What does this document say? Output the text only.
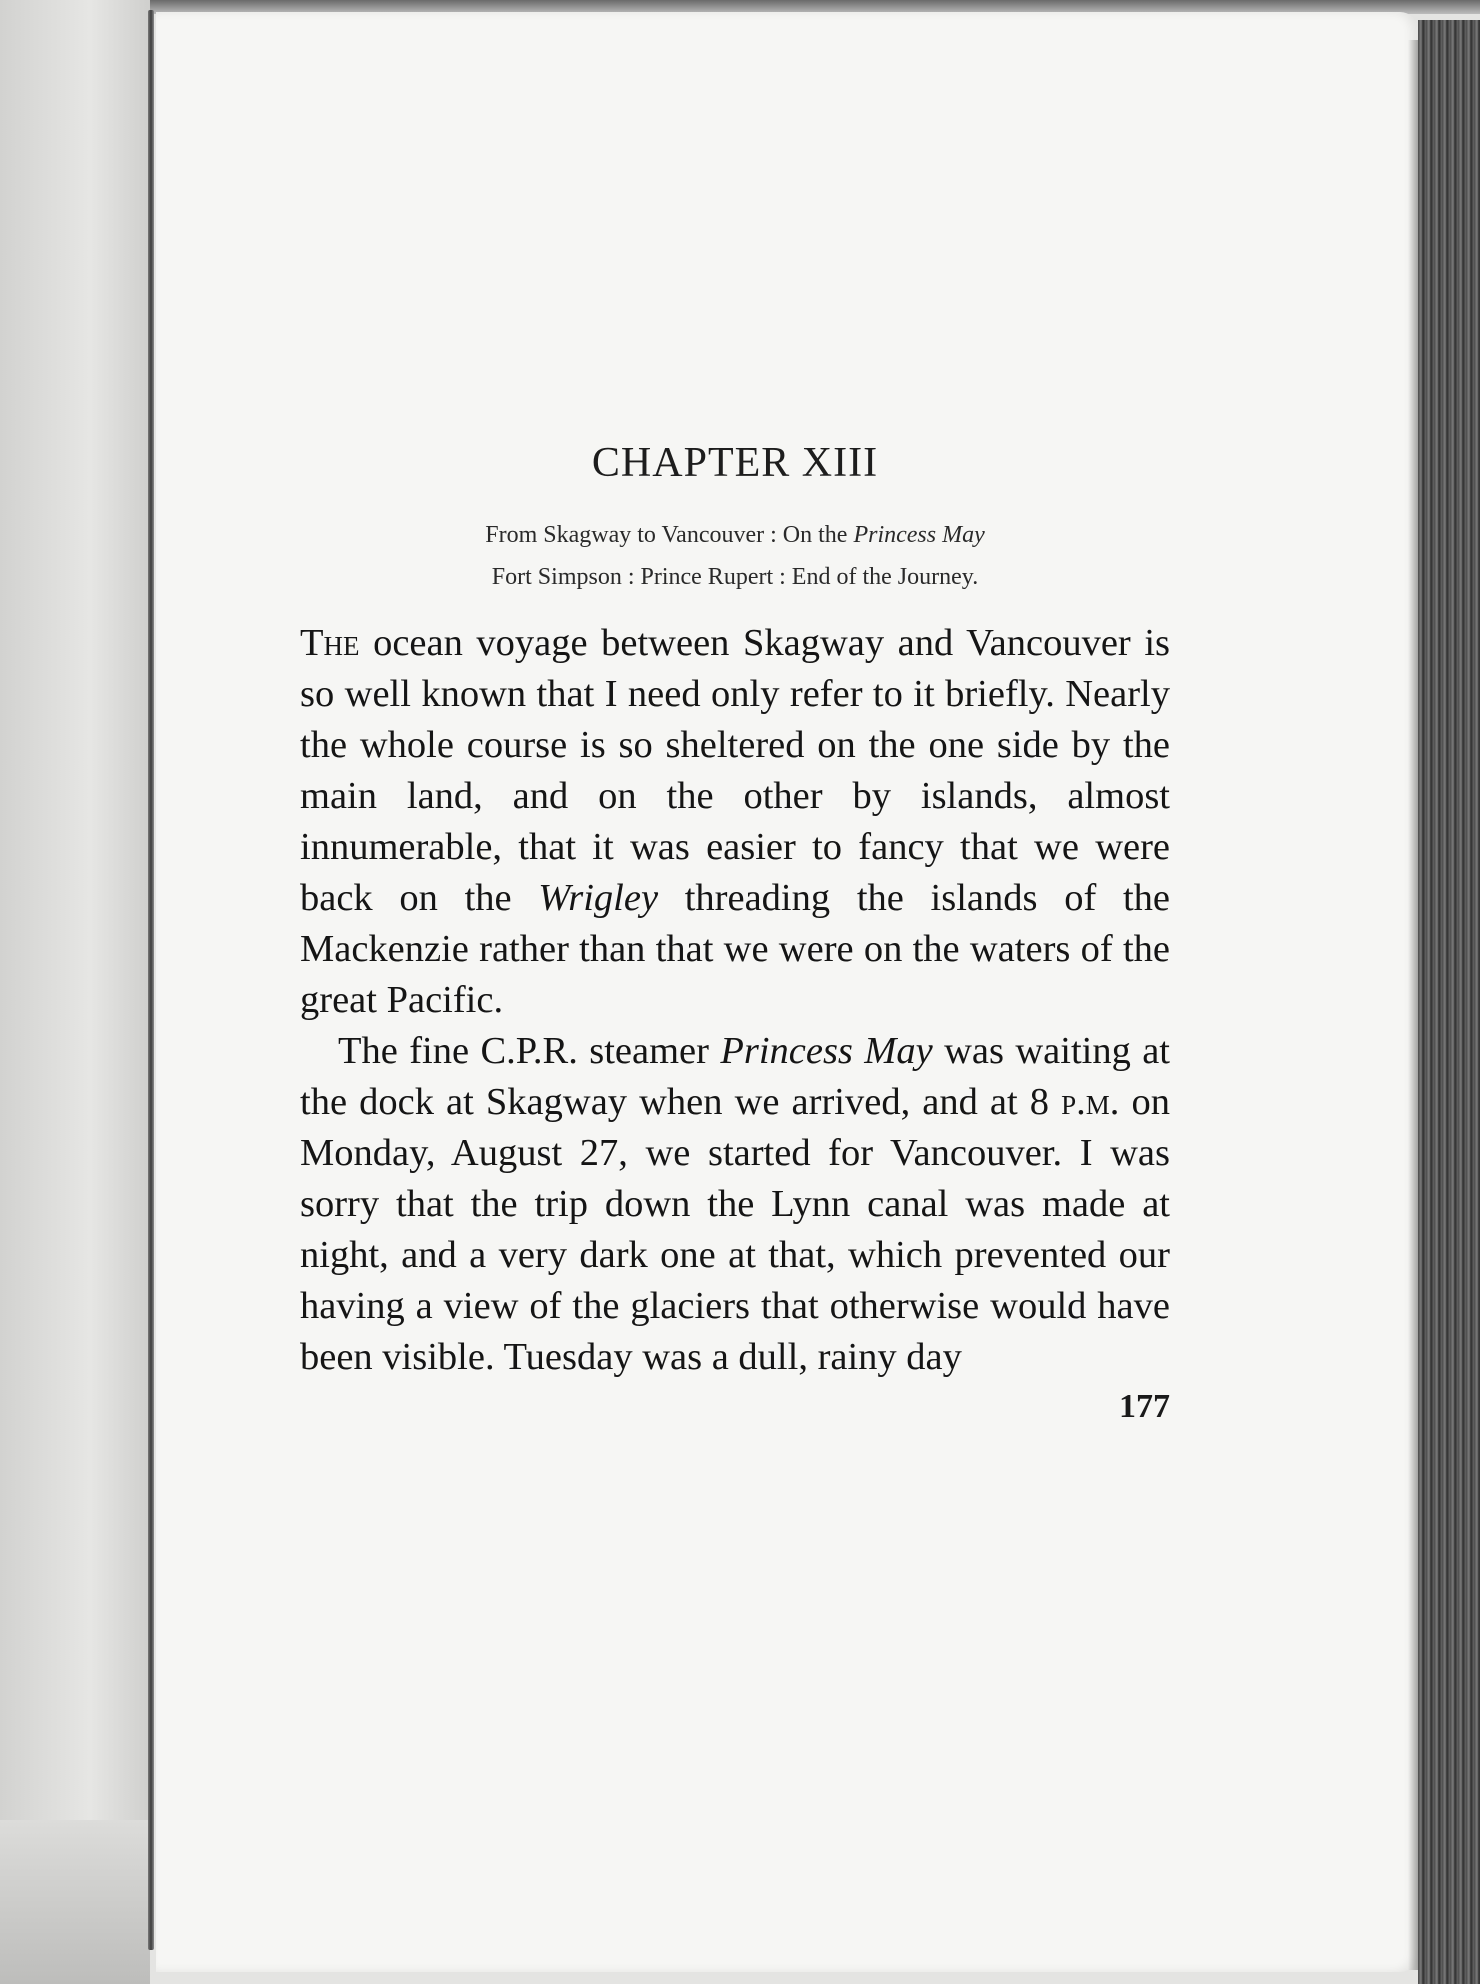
CHAPTER XIII
From Skagway to Vancouver : On the Princess May
Fort Simpson : Prince Rupert : End of the Journey.

The ocean voyage between Skagway and Vancouver is so well known that I need only refer to it briefly. Nearly the whole course is so sheltered on the one side by the main land, and on the other by islands, almost innumerable, that it was easier to fancy that we were back on the Wrigley threading the islands of the Mackenzie rather than that we were on the waters of the great Pacific.

The fine C.P.R. steamer Princess May was waiting at the dock at Skagway when we arrived, and at 8 p.m. on Monday, August 27, we started for Vancouver. I was sorry that the trip down the Lynn canal was made at night, and a very dark one at that, which prevented our having a view of the glaciers that otherwise would have been visible. Tuesday was a dull, rainy day

177
